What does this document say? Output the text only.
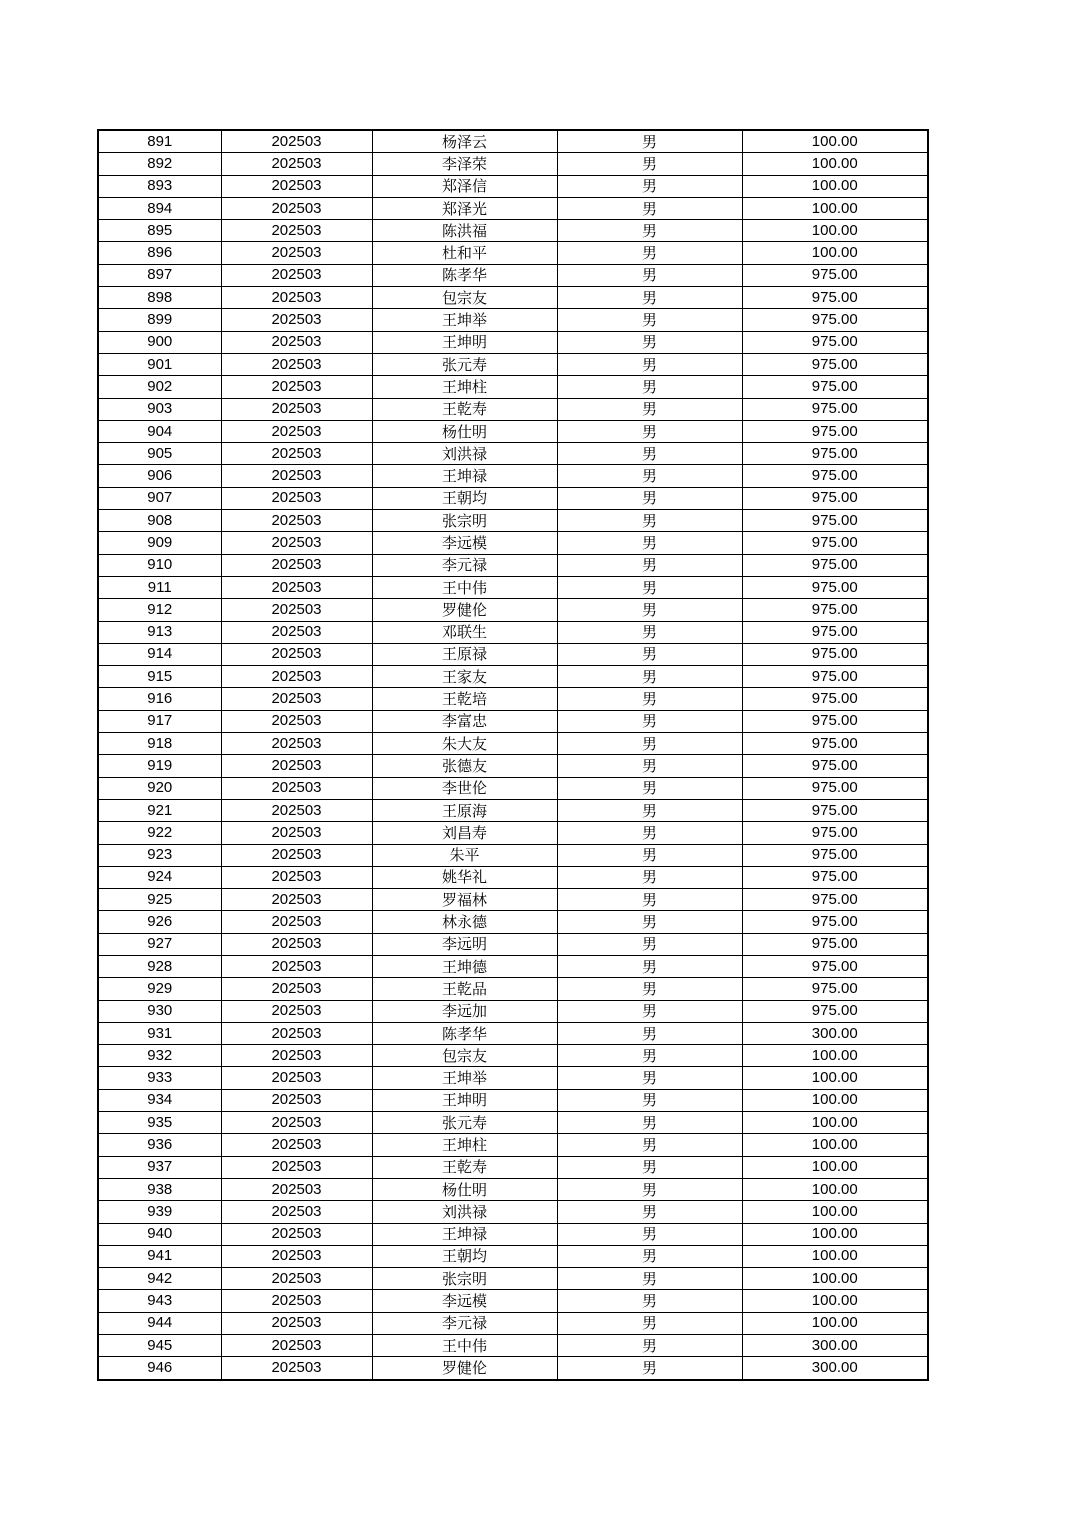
891	202503	杨泽云	男	100.00
892	202503	李泽荣	男	100.00
893	202503	郑泽信	男	100.00
894	202503	郑泽光	男	100.00
895	202503	陈洪福	男	100.00
896	202503	杜和平	男	100.00
897	202503	陈孝华	男	975.00
898	202503	包宗友	男	975.00
899	202503	王坤举	男	975.00
900	202503	王坤明	男	975.00
901	202503	张元寿	男	975.00
902	202503	王坤柱	男	975.00
903	202503	王乾寿	男	975.00
904	202503	杨仕明	男	975.00
905	202503	刘洪禄	男	975.00
906	202503	王坤禄	男	975.00
907	202503	王朝均	男	975.00
908	202503	张宗明	男	975.00
909	202503	李远模	男	975.00
910	202503	李元禄	男	975.00
911	202503	王中伟	男	975.00
912	202503	罗健伦	男	975.00
913	202503	邓联生	男	975.00
914	202503	王原禄	男	975.00
915	202503	王家友	男	975.00
916	202503	王乾培	男	975.00
917	202503	李富忠	男	975.00
918	202503	朱大友	男	975.00
919	202503	张德友	男	975.00
920	202503	李世伦	男	975.00
921	202503	王原海	男	975.00
922	202503	刘昌寿	男	975.00
923	202503	朱平	男	975.00
924	202503	姚华礼	男	975.00
925	202503	罗福林	男	975.00
926	202503	林永德	男	975.00
927	202503	李远明	男	975.00
928	202503	王坤德	男	975.00
929	202503	王乾品	男	975.00
930	202503	李远加	男	975.00
931	202503	陈孝华	男	300.00
932	202503	包宗友	男	100.00
933	202503	王坤举	男	100.00
934	202503	王坤明	男	100.00
935	202503	张元寿	男	100.00
936	202503	王坤柱	男	100.00
937	202503	王乾寿	男	100.00
938	202503	杨仕明	男	100.00
939	202503	刘洪禄	男	100.00
940	202503	王坤禄	男	100.00
941	202503	王朝均	男	100.00
942	202503	张宗明	男	100.00
943	202503	李远模	男	100.00
944	202503	李元禄	男	100.00
945	202503	王中伟	男	300.00
946	202503	罗健伦	男	300.00
